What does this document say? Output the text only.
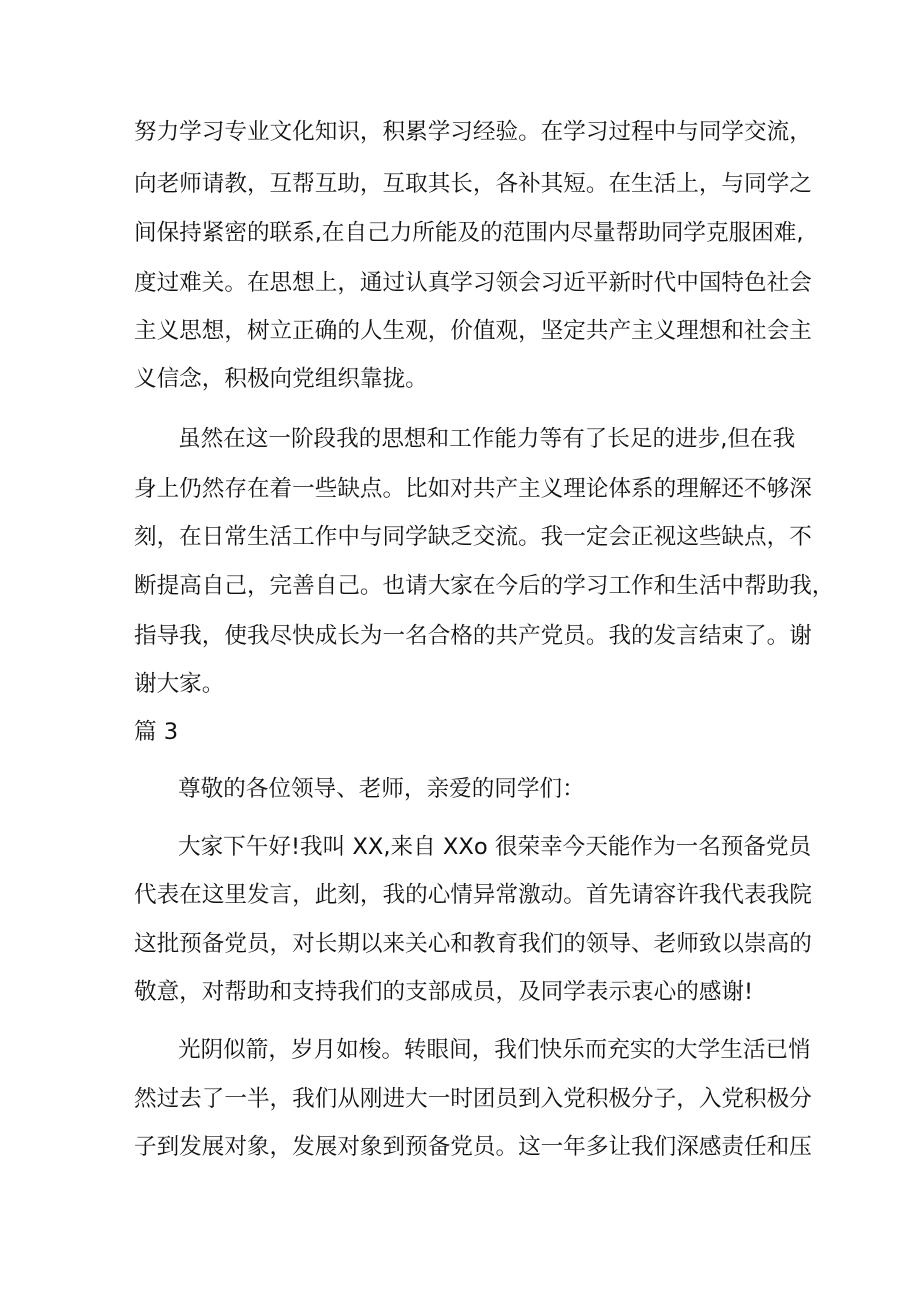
努力学习专业文化知识，积累学习经验。在学习过程中与同学交流，
向老师请教，互帮互助，互取其长，各补其短。在生活上，与同学之
间保持紧密的联系,在自己力所能及的范围内尽量帮助同学克服困难,
度过难关。在思想上，通过认真学习领会习近平新时代中国特色社会
主义思想，树立正确的人生观，价值观，坚定共产主义理想和社会主
义信念，积极向党组织靠拢。
虽然在这一阶段我的思想和工作能力等有了长足的进步,但在我
身上仍然存在着一些缺点。比如对共产主义理论体系的理解还不够深
刻，在日常生活工作中与同学缺乏交流。我一定会正视这些缺点，不
断提高自己，完善自己。也请大家在今后的学习工作和生活中帮助我，
指导我，使我尽快成长为一名合格的共产党员。我的发言结束了。谢
谢大家。
篇 3
尊敬的各位领导、老师，亲爱的同学们：
大家下午好!我叫 XX,来自 XXo 很荣幸今天能作为一名预备党员
代表在这里发言，此刻，我的心情异常激动。首先请容许我代表我院
这批预备党员，对长期以来关心和教育我们的领导、老师致以崇高的
敬意，对帮助和支持我们的支部成员，及同学表示衷心的感谢!
光阴似箭，岁月如梭。转眼间，我们快乐而充实的大学生活已悄
然过去了一半，我们从刚进大一时团员到入党积极分子，入党积极分
子到发展对象，发展对象到预备党员。这一年多让我们深感责任和压
